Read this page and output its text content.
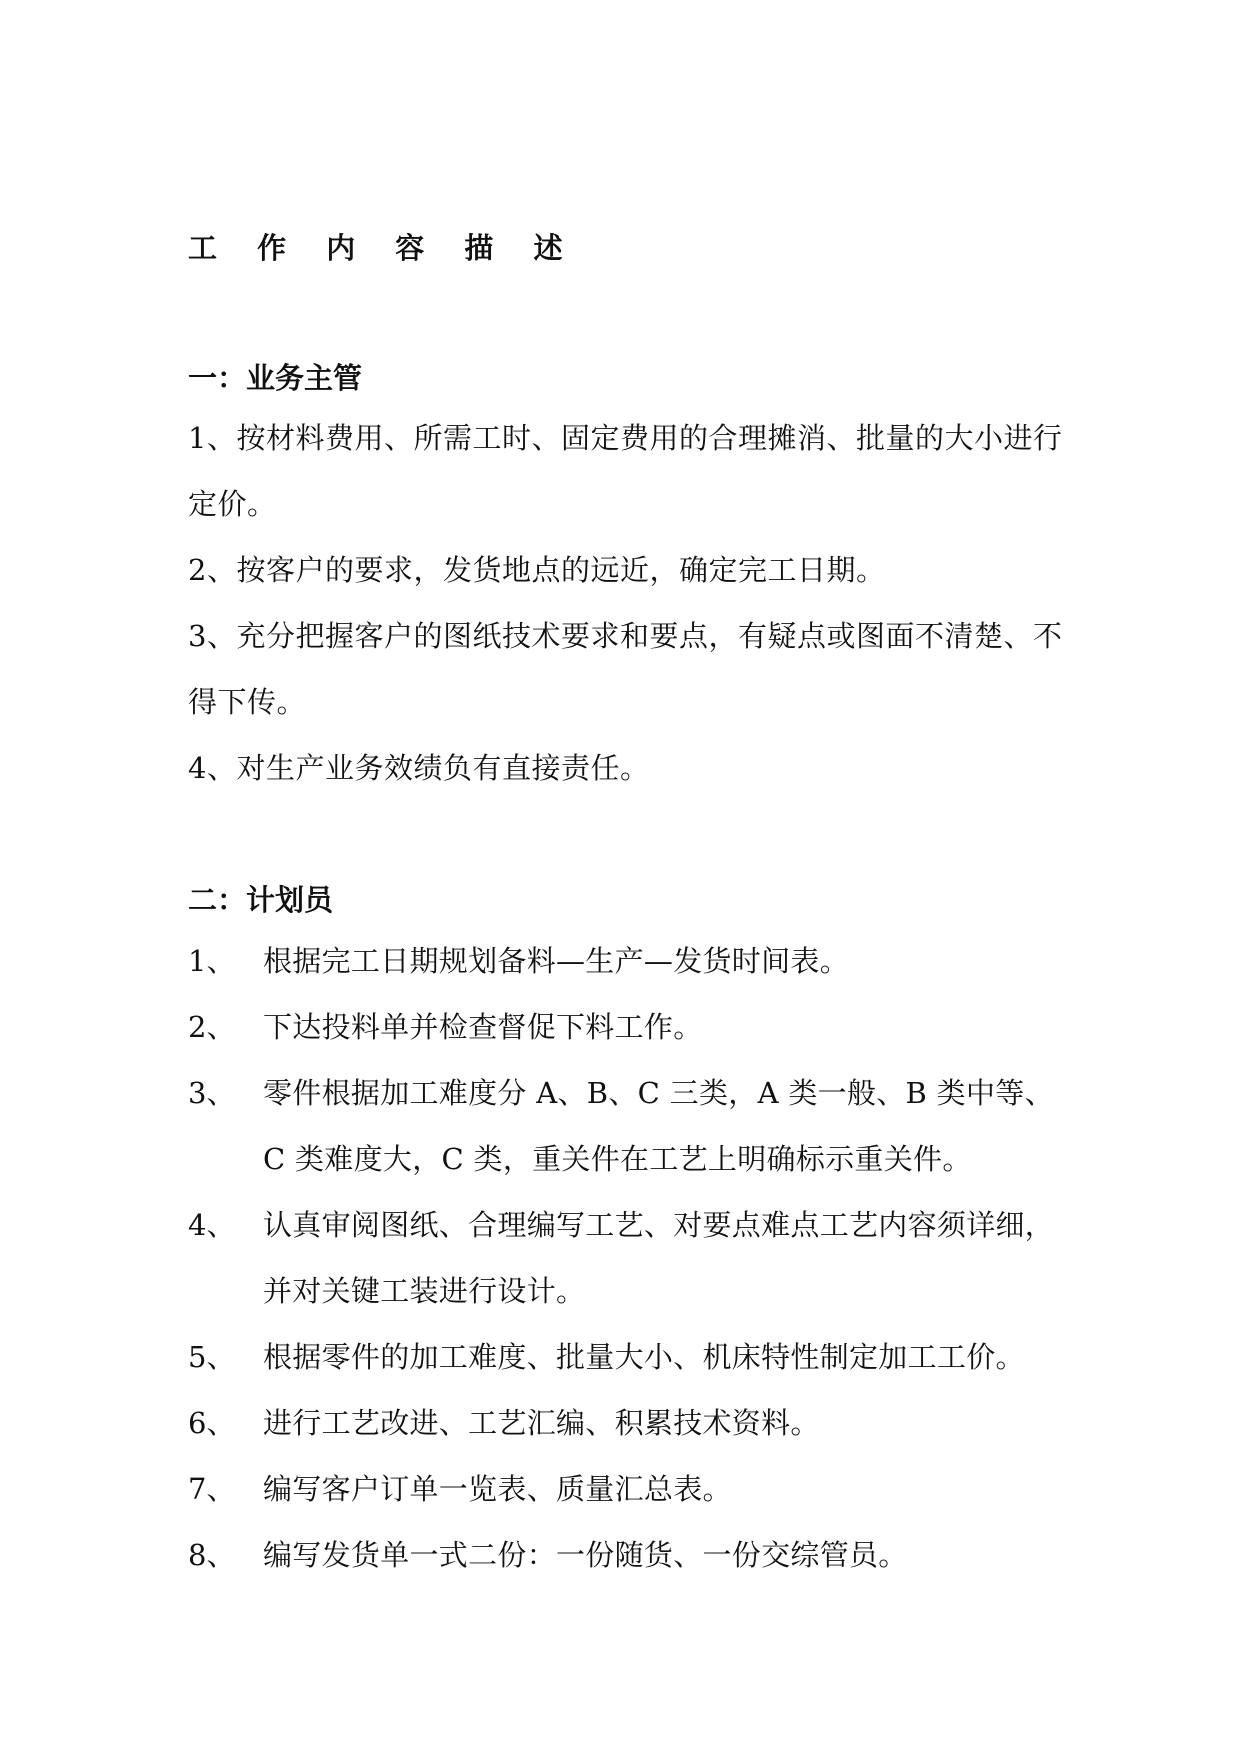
工 作 内 容 描 述
一：业务主管
1、按材料费用、所需工时、固定费用的合理摊消、批量的大小进行定价。
2、按客户的要求，发货地点的远近，确定完工日期。
3、充分把握客户的图纸技术要求和要点，有疑点或图面不清楚、不得下传。
4、对生产业务效绩负有直接责任。
二：计划员
1、 根据完工日期规划备料—生产—发货时间表。
2、 下达投料单并检查督促下料工作。
3、 零件根据加工难度分 A、B、C 三类，A 类一般、B 类中等、C 类难度大，C 类，重关件在工艺上明确标示重关件。
4、 认真审阅图纸、合理编写工艺、对要点难点工艺内容须详细，并对关键工装进行设计。
5、 根据零件的加工难度、批量大小、机床特性制定加工工价。
6、 进行工艺改进、工艺汇编、积累技术资料。
7、 编写客户订单一览表、质量汇总表。
8、 编写发货单一式二份：一份随货、一份交综管员。
